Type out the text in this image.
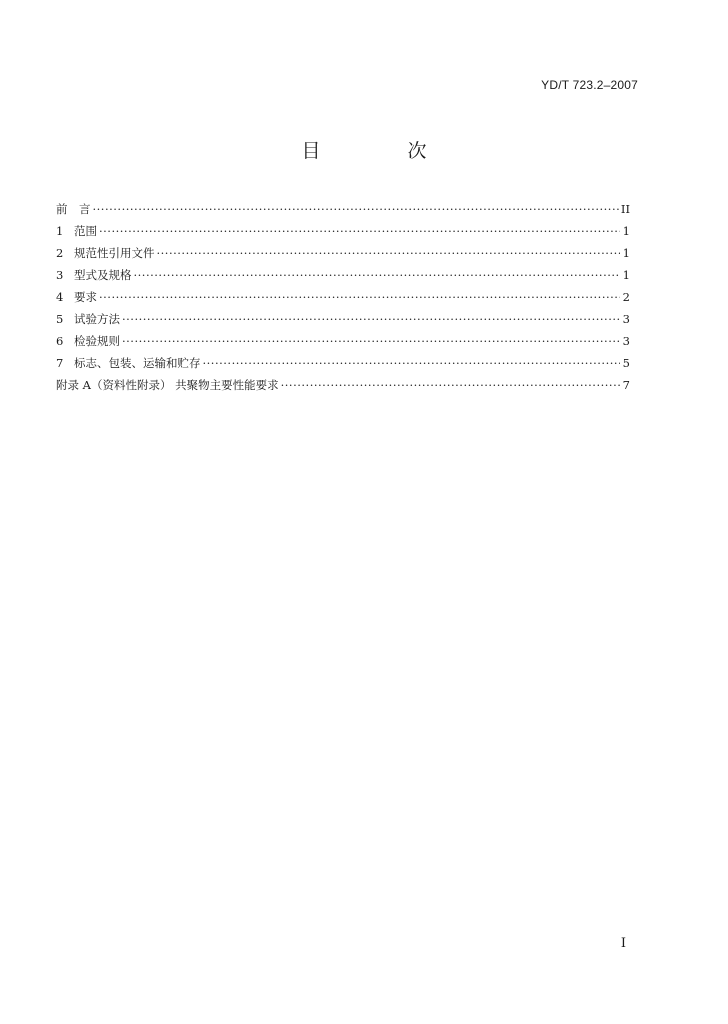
YD/T 723.2–2007
目　次
前　言 ·····	II
1 范围 ·····	1
2 规范性引用文件 ·····	1
3 型式及规格 ·····	1
4 要求 ·····	2
5 试验方法 ·····	3
6 检验规则 ·····	3
7 标志、包装、运输和贮存 ·····	5
附录 A（资料性附录） 共聚物主要性能要求 ·····	7
I
